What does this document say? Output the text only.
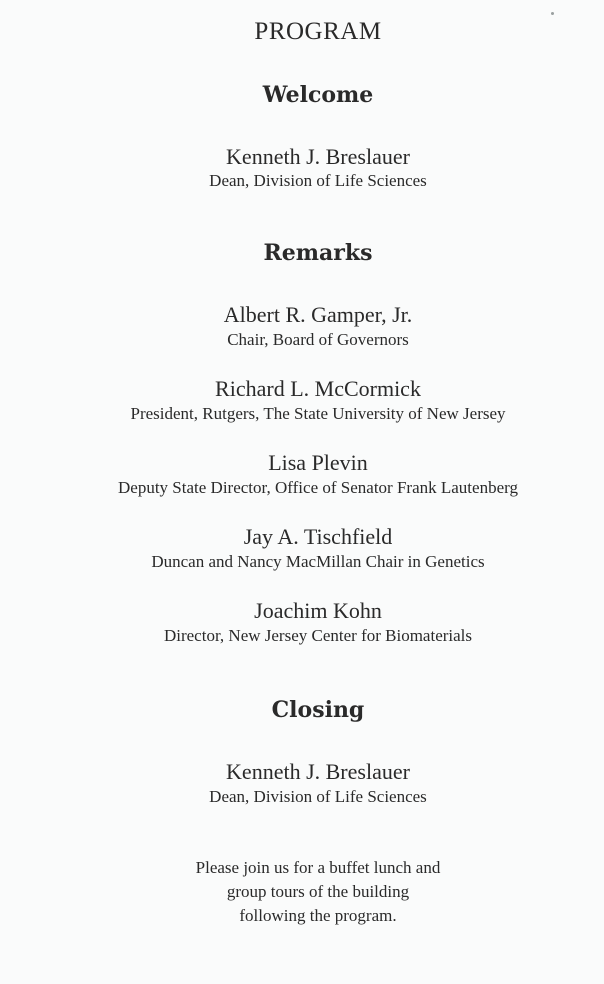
PROGRAM
Welcome
Kenneth J. Breslauer
Dean, Division of Life Sciences
Remarks
Albert R. Gamper, Jr.
Chair, Board of Governors
Richard L. McCormick
President, Rutgers, The State University of New Jersey
Lisa Plevin
Deputy State Director, Office of Senator Frank Lautenberg
Jay A. Tischfield
Duncan and Nancy MacMillan Chair in Genetics
Joachim Kohn
Director, New Jersey Center for Biomaterials
Closing
Kenneth J. Breslauer
Dean, Division of Life Sciences
Please join us for a buffet lunch and
group tours of the building
following the program.
